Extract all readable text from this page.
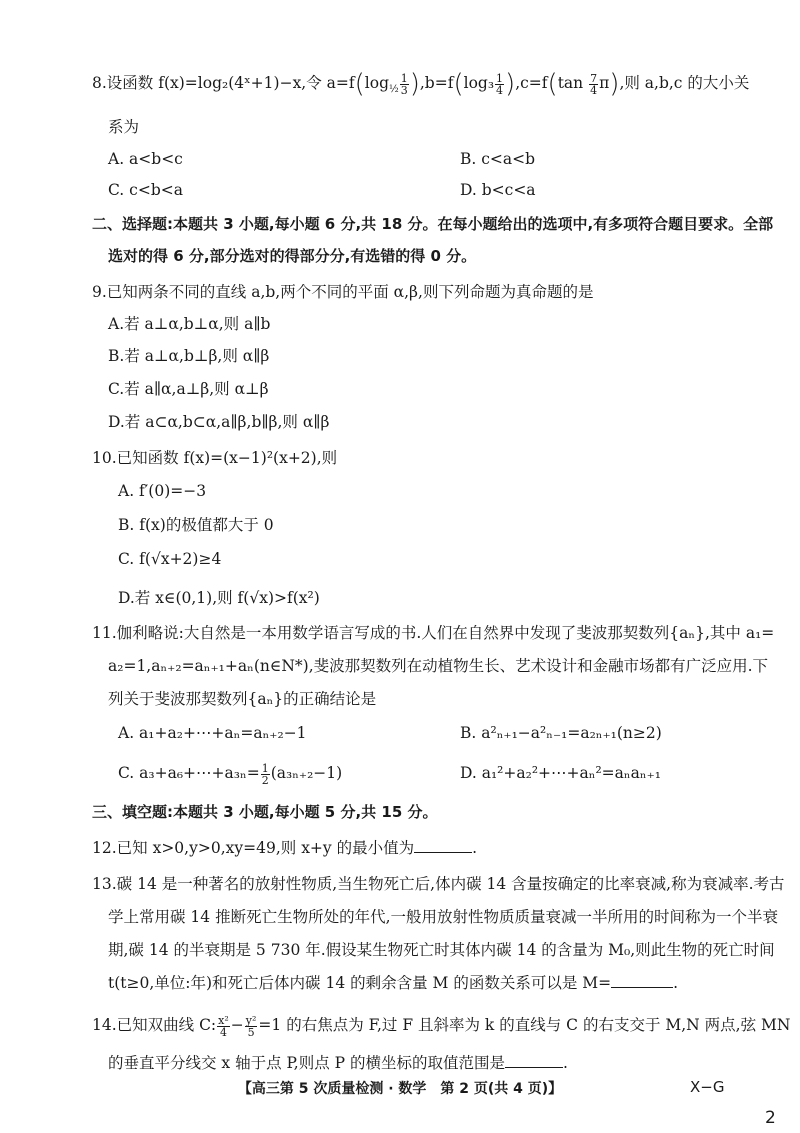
8.设函数 f(x)=log₂(4ˣ+1)−x,令 $a=f(\log_{\frac{1}{2}} \frac{1}{3} ),b=f(\log_3 \frac{1}{4} ),c=f(\tan \frac{7}{4} \pi)$,则 a,b,c 的大小关
系为
A. a<b<c	B. c<a<b
C. c<b<a	D. b<c<a
二、选择题:本题共 3 小题,每小题 6 分,共 18 分。在每小题给出的选项中,有多项符合题目要求。全部
选对的得 6 分,部分选对的得部分分,有选错的得 0 分。
9.已知两条不同的直线 a,b,两个不同的平面 α,β,则下列命题为真命题的是
A.若 a⊥α,b⊥α,则 a∥b
B.若 a⊥α,b⊥β,则 α∥β
C.若 a∥α,a⊥β,则 α⊥β
D.若 a⊂α,b⊂α,a∥β,b∥β,则 α∥β
10.已知函数 f(x)=(x−1)²(x+2),则
A. f′(0)=−3
B. f(x)的极值都大于 0
C. f(√x+2)≥4
D.若 x∈(0,1),则 f(√x)>f(x²)
11.伽利略说:大自然是一本用数学语言写成的书.人们在自然界中发现了斐波那契数列{aₙ},其中 a₁=
a₂=1,aₙ₊₂=aₙ₊₁+aₙ(n∈N*),斐波那契数列在动植物生长、艺术设计和金融市场都有广泛应用.下
列关于斐波那契数列{aₙ}的正确结论是
A. a₁+a₂+⋯+aₙ=aₙ₊₂−1	B. a²ₙ₊₁−a²ₙ₋₁=a₂ₙ₊₁(n≥2)
C. a₃+a₆+⋯+a₃ₙ= $\frac{1}{2} (a_{3n+2}-1)$	D. a₁²+a₂²+⋯+aₙ²=aₙaₙ₊₁
三、填空题:本题共 3 小题,每小题 5 分,共 15 分。
12.已知 x>0,y>0,xy=49,则 x+y 的最小值为	.
13.碳 14 是一种著名的放射性物质,当生物死亡后,体内碳 14 含量按确定的比率衰减,称为衰减率.考古
学上常用碳 14 推断死亡生物所处的年代,一般用放射性物质质量衰减一半所用的时间称为一个半衰
期,碳 14 的半衰期是 5 730 年.假设某生物死亡时其体内碳 14 的含量为 M₀,则此生物的死亡时间
t(t≥0,单位:年)和死亡后体内碳 14 的剩余含量 M 的函数关系可以是 M=	.
14.已知双曲线 C: $\frac{\text{x²}}{4} - \frac{\text{y²}}{5} =1$ 的右焦点为 F,过 F 且斜率为 k 的直线与 C 的右支交于 M,N 两点,弦 MN
的垂直平分线交 x 轴于点 P,则点 P 的横坐标的取值范围是	.
【高三第 5 次质量检测 · 数学　第 2 页(共 4 页)】	X−G
2
